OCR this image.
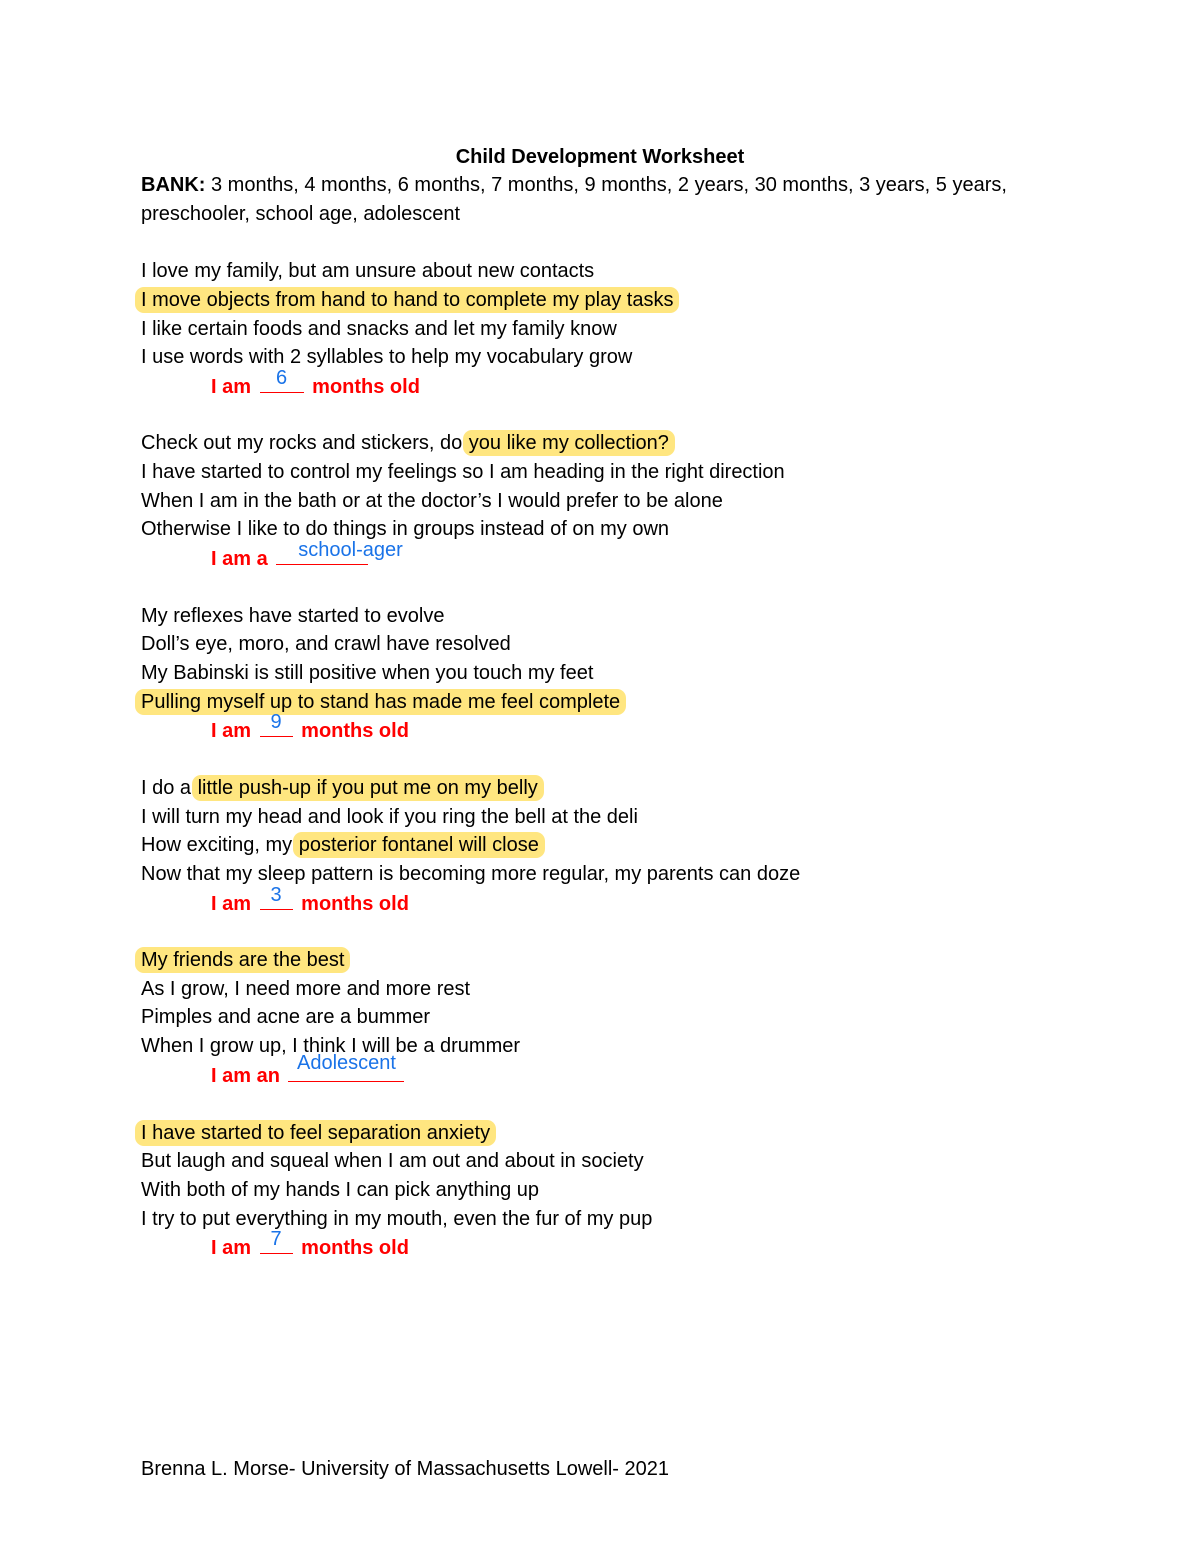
Child Development Worksheet
BANK: 3 months, 4 months, 6 months, 7 months, 9 months, 2 years, 30 months, 3 years, 5 years, preschooler, school age, adolescent
I love my family, but am unsure about new contacts
I move objects from hand to hand to complete my play tasks
I like certain foods and snacks and let my family know
I use words with 2 syllables to help my vocabulary grow
I am	6	months old
Check out my rocks and stickers, do you like my collection?
I have started to control my feelings so I am heading in the right direction
When I am in the bath or at the doctor’s I would prefer to be alone
Otherwise I like to do things in groups instead of on my own
I am a school-ager
My reflexes have started to evolve
Doll’s eye, moro, and crawl have resolved
My Babinski is still positive when you touch my feet
Pulling myself up to stand has made me feel complete
I am 9 months old
I do a little push-up if you put me on my belly
I will turn my head and look if you ring the bell at the deli
How exciting, my posterior fontanel will close
Now that my sleep pattern is becoming more regular, my parents can doze
I am 3 months old
My friends are the best
As I grow, I need more and more rest
Pimples and acne are a bummer
When I grow up, I think I will be a drummer
I am an
Adolescent
I have started to feel separation anxiety
But laugh and squeal when I am out and about in society
With both of my hands I can pick anything up
I try to put everything in my mouth, even the fur of my pup
I am 7 months old
Brenna L. Morse- University of Massachusetts Lowell- 2021
